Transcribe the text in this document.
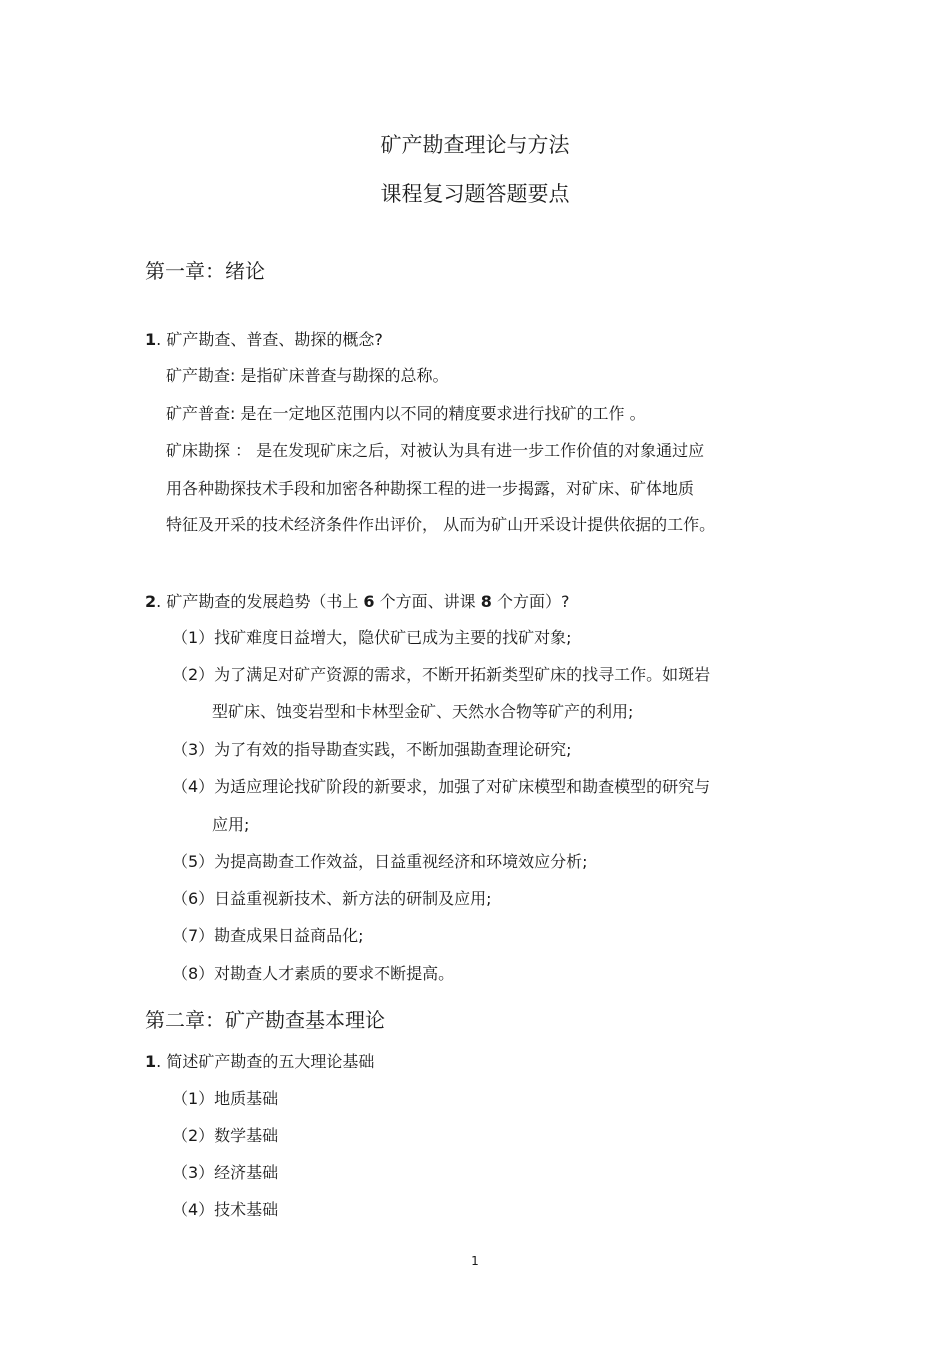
矿产勘查理论与方法
课程复习题答题要点
第一章：绪论
1. 矿产勘查、普查、勘探的概念?
矿产勘查: 是指矿床普查与勘探的总称。
矿产普查: 是在一定地区范围内以不同的精度要求进行找矿的工作 。
矿床勘探 ： 是在发现矿床之后，对被认为具有进一步工作价值的对象通过应
用各种勘探技术手段和加密各种勘探工程的进一步揭露，对矿床、矿体地质
特征及开采的技术经济条件作出评价， 从而为矿山开采设计提供依据的工作。
2. 矿产勘查的发展趋势（书上 6 个方面、讲课 8 个方面）?
（1）找矿难度日益增大，隐伏矿已成为主要的找矿对象;
（2）为了满足对矿产资源的需求，不断开拓新类型矿床的找寻工作。如斑岩
型矿床、蚀变岩型和卡林型金矿、天然水合物等矿产的利用;
（3）为了有效的指导勘查实践，不断加强勘查理论研究;
（4）为适应理论找矿阶段的新要求，加强了对矿床模型和勘查模型的研究与
应用;
（5）为提高勘查工作效益，日益重视经济和环境效应分析;
（6）日益重视新技术、新方法的研制及应用;
（7）勘查成果日益商品化;
（8）对勘查人才素质的要求不断提高。
第二章：矿产勘查基本理论
1. 简述矿产勘查的五大理论基础
（1）地质基础
（2）数学基础
（3）经济基础
（4）技术基础
1
